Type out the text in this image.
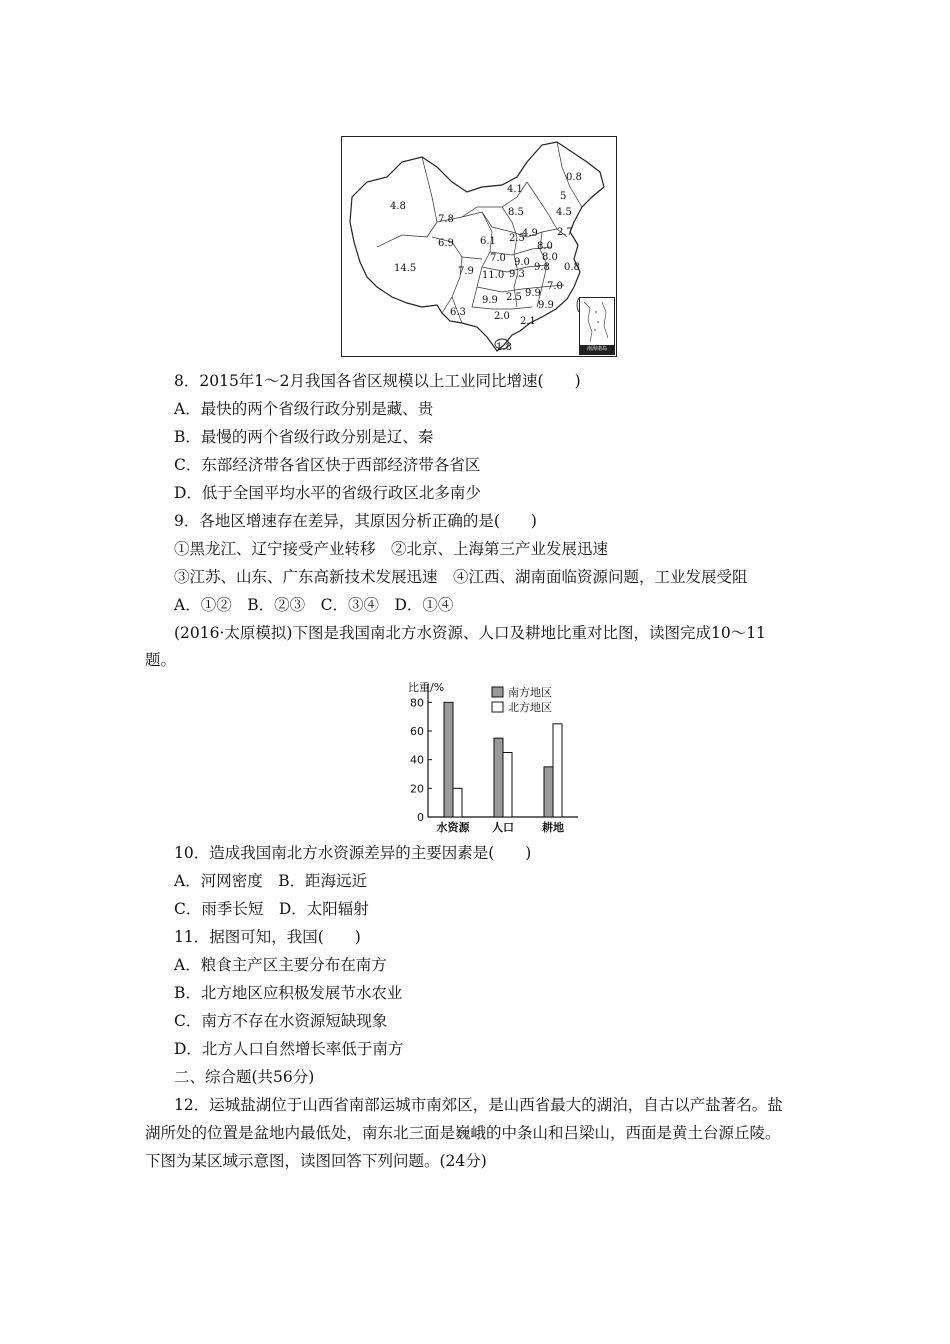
0.8
4.1
4.8
7.8
8.5
5
4.5
6.9	6.1 2.5
4.9 2.7
8.0
7.0 9.0 8.0
14.5	7.9 11.0 9.3
9.8 0.8
7.0
9.9 2.5 9.9
9.9
6.3	2.0 2.1
1.8	南海诸岛
8．2015年1～2月我国各省区规模以上工业同比增速(　　)
A．最快的两个省级行政分别是藏、贵
B．最慢的两个省级行政分别是辽、秦
C．东部经济带各省区快于西部经济带各省区
D．低于全国平均水平的省级行政区北多南少
9．各地区增速存在差异，其原因分析正确的是(　　)
①黑龙江、辽宁接受产业转移　②北京、上海第三产业发展迅速
③江苏、山东、广东高新技术发展迅速　④江西、湖南面临资源问题，工业发展受阻
A．①②　B．②③　C．③④　D．①④
(2016·太原模拟)下图是我国南北方水资源、人口及耕地比重对比图，读图完成10～11
题。
比重/%
0
20
40
60
80
水资源 人口	耕地
南方地区
北方地区
10．造成我国南北方水资源差异的主要因素是(　　)
A．河网密度　B．距海远近
C．雨季长短　D．太阳辐射
11．据图可知，我国(　　)
A．粮食主产区主要分布在南方
B．北方地区应积极发展节水农业
C．南方不存在水资源短缺现象
D．北方人口自然增长率低于南方
二、综合题(共56分)
12．运城盐湖位于山西省南部运城市南郊区，是山西省最大的湖泊，自古以产盐著名。盐
湖所处的位置是盆地内最低处，南东北三面是巍峨的中条山和吕梁山，西面是黄土台源丘陵。
下图为某区域示意图，读图回答下列问题。(24分)
